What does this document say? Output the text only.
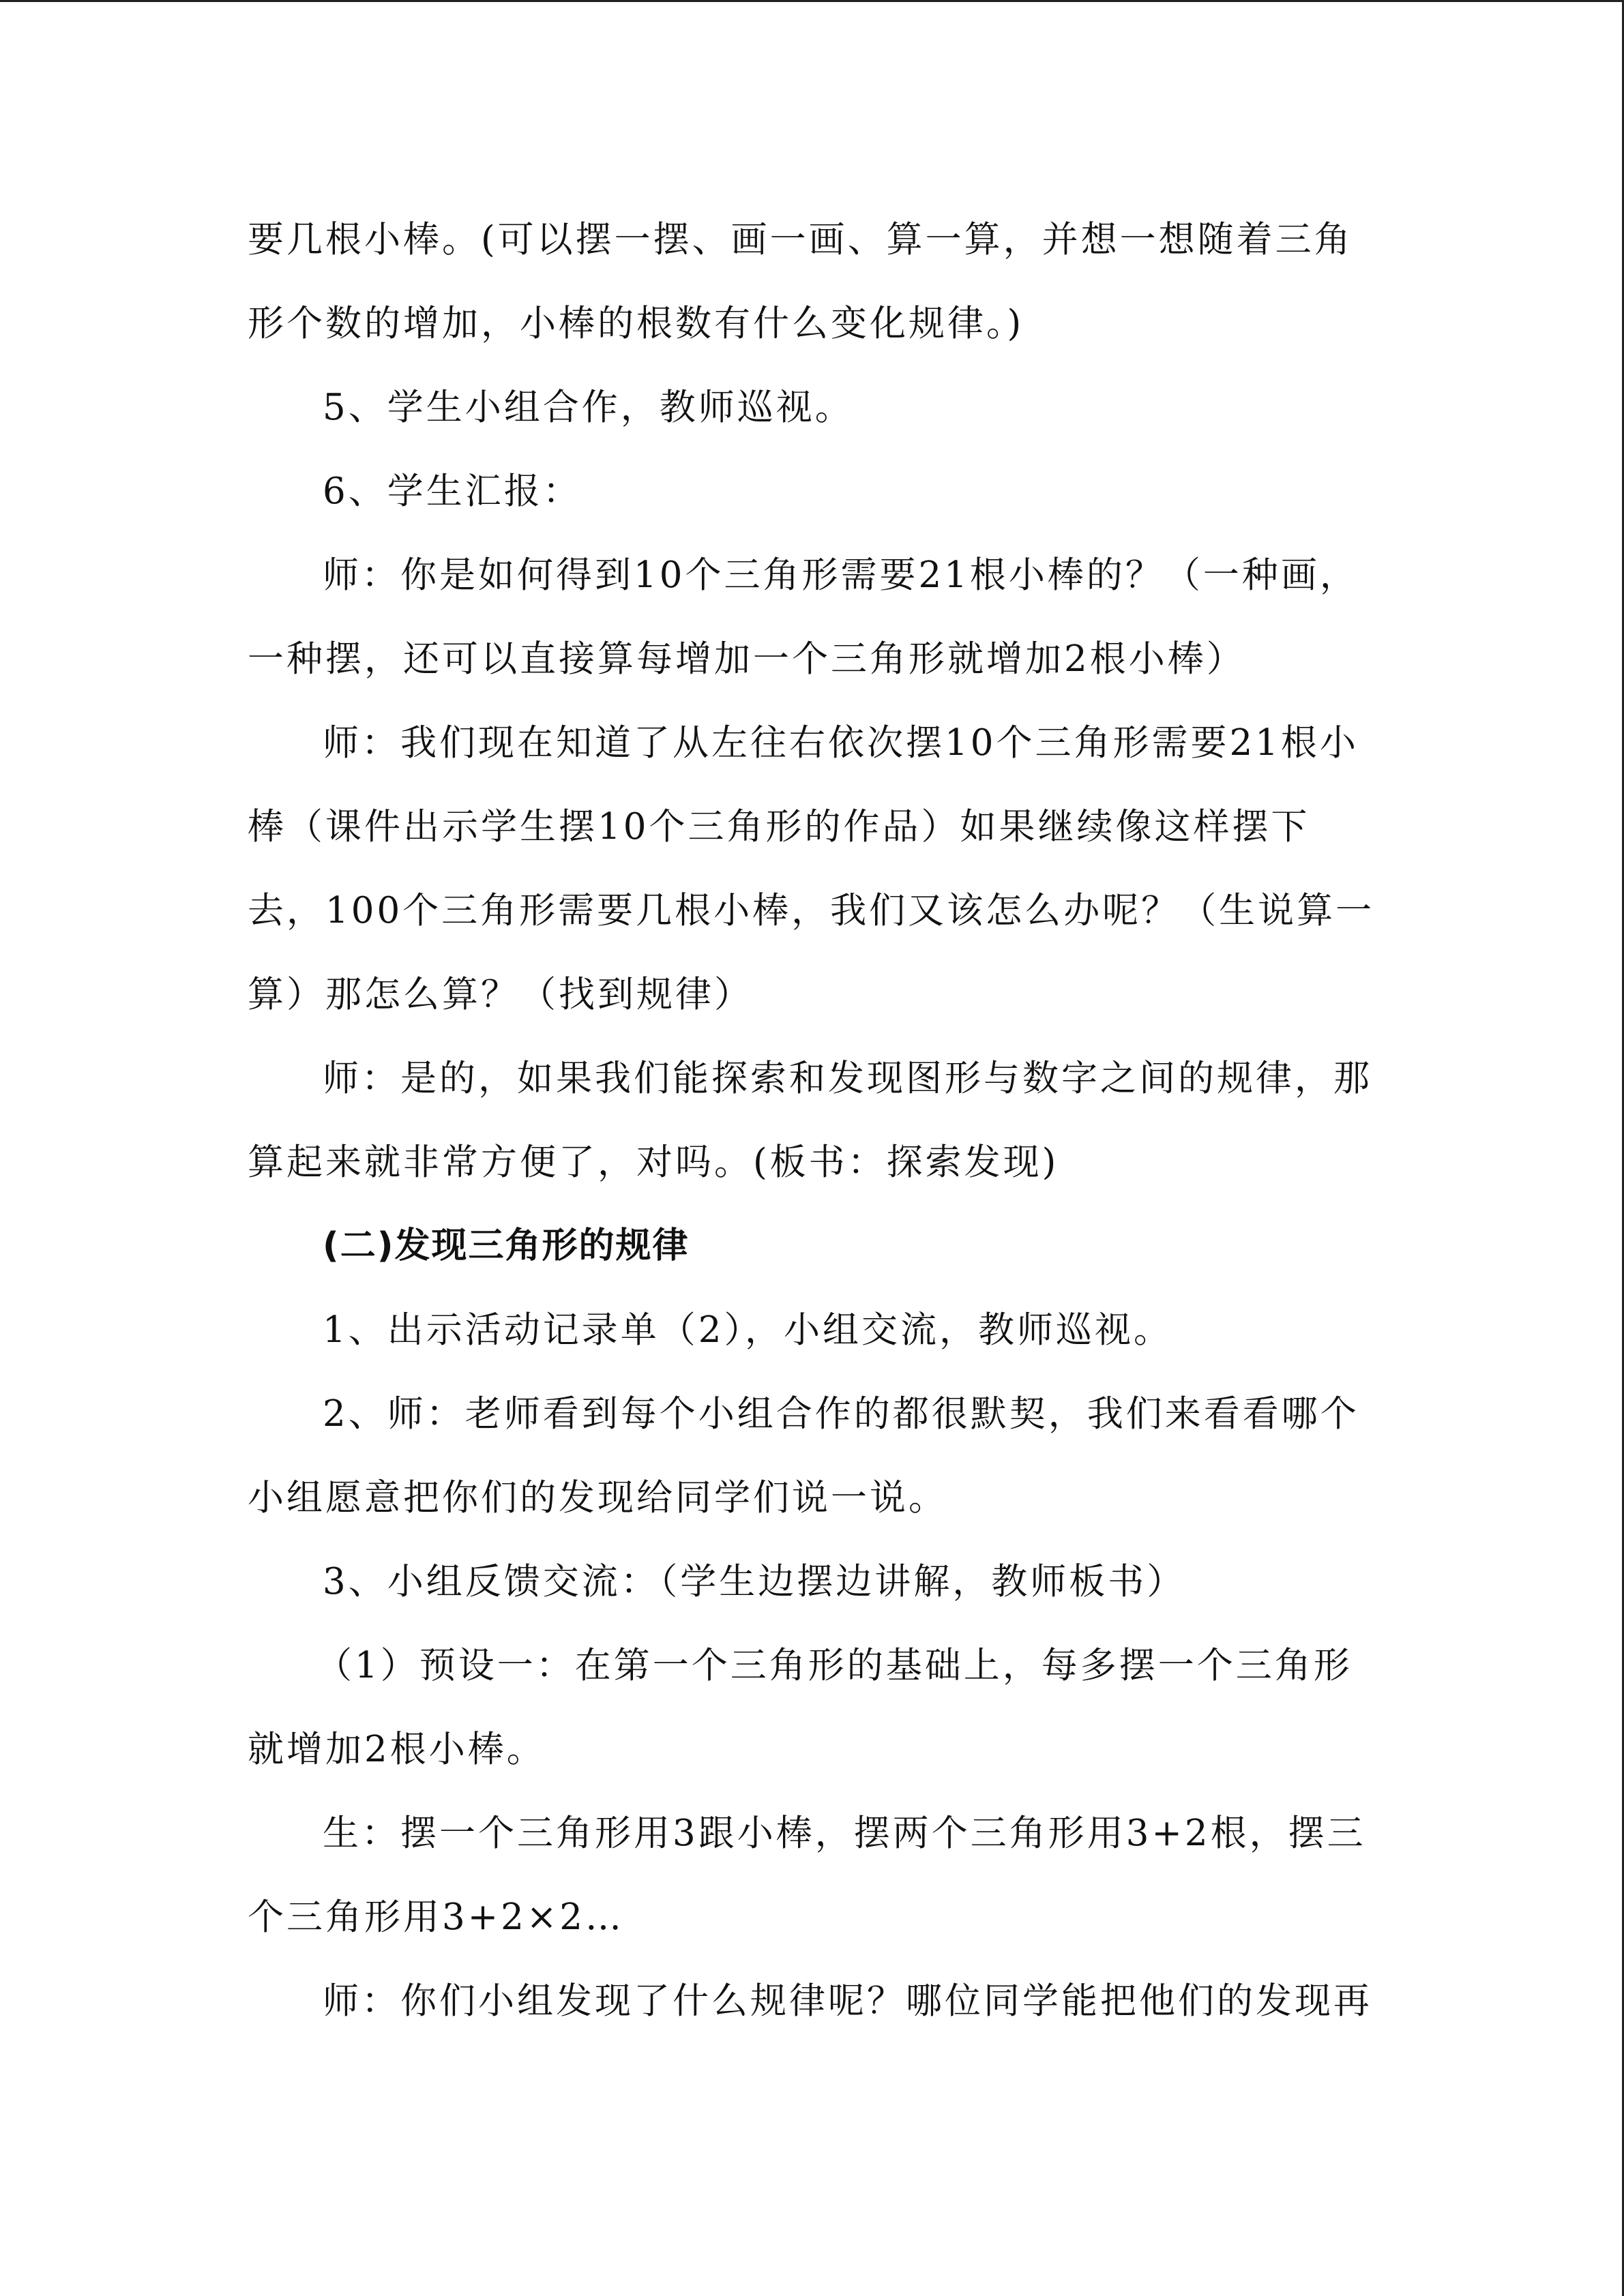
要几根小棒。(可以摆一摆、画一画、算一算，并想一想随着三角形个数的增加，小棒的根数有什么变化规律。)

5、学生小组合作，教师巡视。

6、学生汇报：

师：你是如何得到10个三角形需要21根小棒的？（一种画，一种摆，还可以直接算每增加一个三角形就增加2根小棒）

师：我们现在知道了从左往右依次摆10个三角形需要21根小棒（课件出示学生摆10个三角形的作品）如果继续像这样摆下去，100个三角形需要几根小棒，我们又该怎么办呢？（生说算一算）那怎么算？（找到规律）

师：是的，如果我们能探索和发现图形与数字之间的规律，那算起来就非常方便了，对吗。(板书：探索发现)

(二)发现三角形的规律

1、出示活动记录单（2），小组交流，教师巡视。

2、师：老师看到每个小组合作的都很默契，我们来看看哪个小组愿意把你们的发现给同学们说一说。

3、小组反馈交流：（学生边摆边讲解，教师板书）

（1）预设一：在第一个三角形的基础上，每多摆一个三角形就增加2根小棒。

生：摆一个三角形用3跟小棒，摆两个三角形用3+2根，摆三个三角形用3+2×2…

师：你们小组发现了什么规律呢？哪位同学能把他们的发现再
